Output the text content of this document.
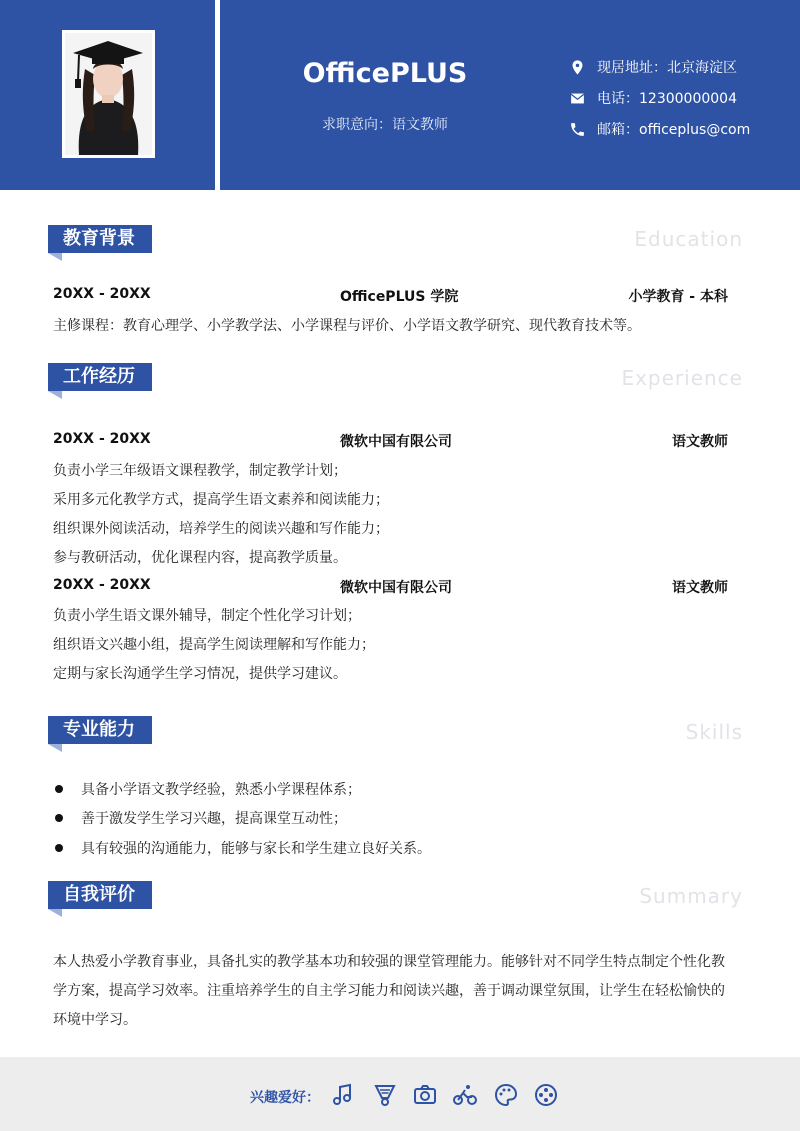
OfficePLUS
求职意向：语文教师
现居地址：北京海淀区
电话：12300000004
邮箱：officeplus@com
教育背景	Education
20XX - 20XX	OfficePLUS 学院	小学教育 - 本科
主修课程：教育心理学、小学教学法、小学课程与评价、小学语文教学研究、现代教育技术等。
工作经历	Experience
20XX - 20XX	微软中国有限公司	语文教师
负责小学三年级语文课程教学，制定教学计划；
采用多元化教学方式，提高学生语文素养和阅读能力；
组织课外阅读活动，培养学生的阅读兴趣和写作能力；
参与教研活动，优化课程内容，提高教学质量。
20XX - 20XX	微软中国有限公司	语文教师
负责小学生语文课外辅导，制定个性化学习计划；
组织语文兴趣小组，提高学生阅读理解和写作能力；
定期与家长沟通学生学习情况，提供学习建议。
专业能力	Skills
具备小学语文教学经验，熟悉小学课程体系；
善于激发学生学习兴趣，提高课堂互动性；
具有较强的沟通能力，能够与家长和学生建立良好关系。
自我评价	Summary
本人热爱小学教育事业，具备扎实的教学基本功和较强的课堂管理能力。能够针对不同学生特点制定个性化教
学方案，提高学习效率。注重培养学生的自主学习能力和阅读兴趣，善于调动课堂氛围，让学生在轻松愉快的
环境中学习。
兴趣爱好：
